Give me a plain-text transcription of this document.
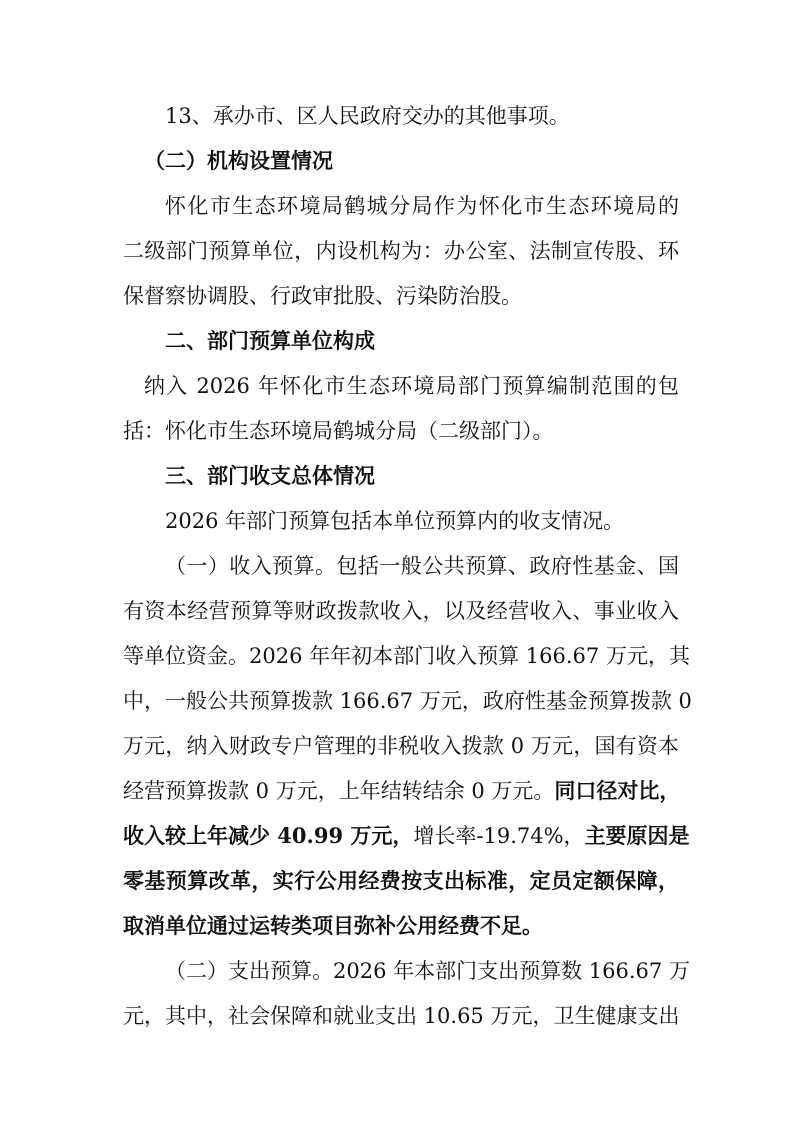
13、承办市、区人民政府交办的其他事项。
（二）机构设置情况
怀化市生态环境局鹤城分局作为怀化市生态环境局的
二级部门预算单位，内设机构为：办公室、法制宣传股、环
保督察协调股、行政审批股、污染防治股。
二、部门预算单位构成
纳入 2026 年怀化市生态环境局部门预算编制范围的包
括：怀化市生态环境局鹤城分局（二级部门）。
三、部门收支总体情况
2026 年部门预算包括本单位预算内的收支情况。
（一）收入预算。包括一般公共预算、政府性基金、国
有资本经营预算等财政拨款收入，以及经营收入、事业收入
等单位资金。2026 年年初本部门收入预算 166.67 万元，其
中，一般公共预算拨款 166.67 万元，政府性基金预算拨款 0
万元，纳入财政专户管理的非税收入拨款 0 万元，国有资本
经营预算拨款 0 万元，上年结转结余 0 万元。同口径对比，
收入较上年减少 40.99 万元，增长率-19.74%，主要原因是
零基预算改革，实行公用经费按支出标准，定员定额保障，
取消单位通过运转类项目弥补公用经费不足。
（二）支出预算。2026 年本部门支出预算数 166.67 万
元，其中，社会保障和就业支出 10.65 万元，卫生健康支出
